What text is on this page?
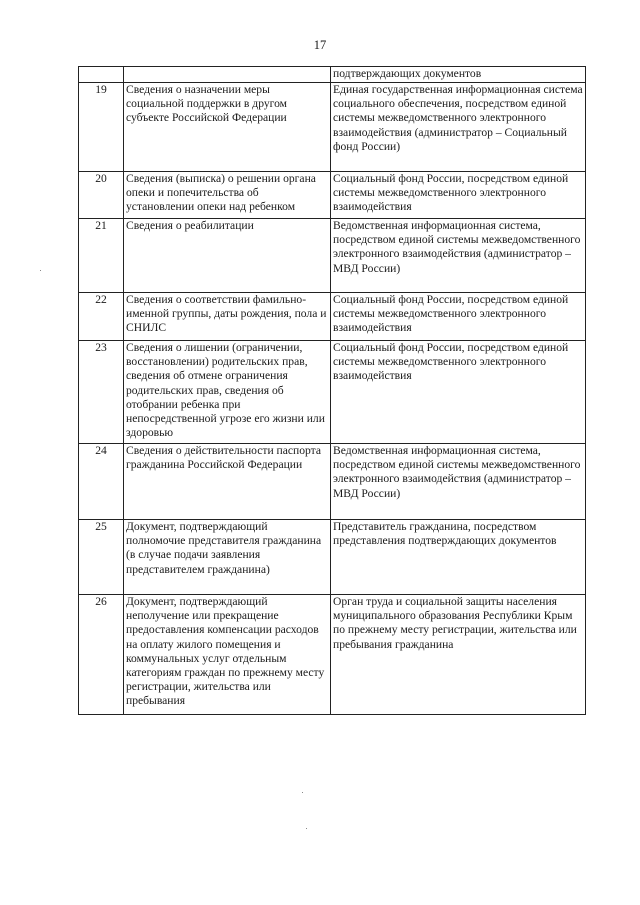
17
		подтверждающих документов
19	Сведения о назначении меры социальной поддержки в другом субъекте Российской Федерации	Единая государственная информационная система социального обеспечения, посредством единой системы межведомственного электронного взаимодействия (администратор – Социальный фонд России)
20	Сведения (выписка) о решении органа опеки и попечительства об установлении опеки над ребенком	Социальный фонд России, посредством единой системы межведомственного электронного взаимодействия
21	Сведения о реабилитации	Ведомственная информационная система, посредством единой системы межведомственного электронного взаимодействия (администратор – МВД России)
22	Сведения о соответствии фамильно-именной группы, даты рождения, пола и СНИЛС	Социальный фонд России, посредством единой системы межведомственного электронного взаимодействия
23	Сведения о лишении (ограничении, восстановлении) родительских прав, сведения об отмене ограничения родительских прав, сведения об отобрании ребенка при непосредственной угрозе его жизни или здоровью	Социальный фонд России, посредством единой системы межведомственного электронного взаимодействия
24	Сведения о действительности паспорта гражданина Российской Федерации	Ведомственная информационная система, посредством единой системы межведомственного электронного взаимодействия (администратор – МВД России)
25	Документ, подтверждающий полномочие представителя гражданина (в случае подачи заявления представителем гражданина)	Представитель гражданина, посредством представления подтверждающих документов
26	Документ, подтверждающий неполучение или прекращение предоставления компенсации расходов на оплату жилого помещения и коммунальных услуг отдельным категориям граждан по прежнему месту регистрации, жительства или пребывания	Орган труда и социальной защиты населения муниципального образования Республики Крым по прежнему месту регистрации, жительства или пребывания гражданина
